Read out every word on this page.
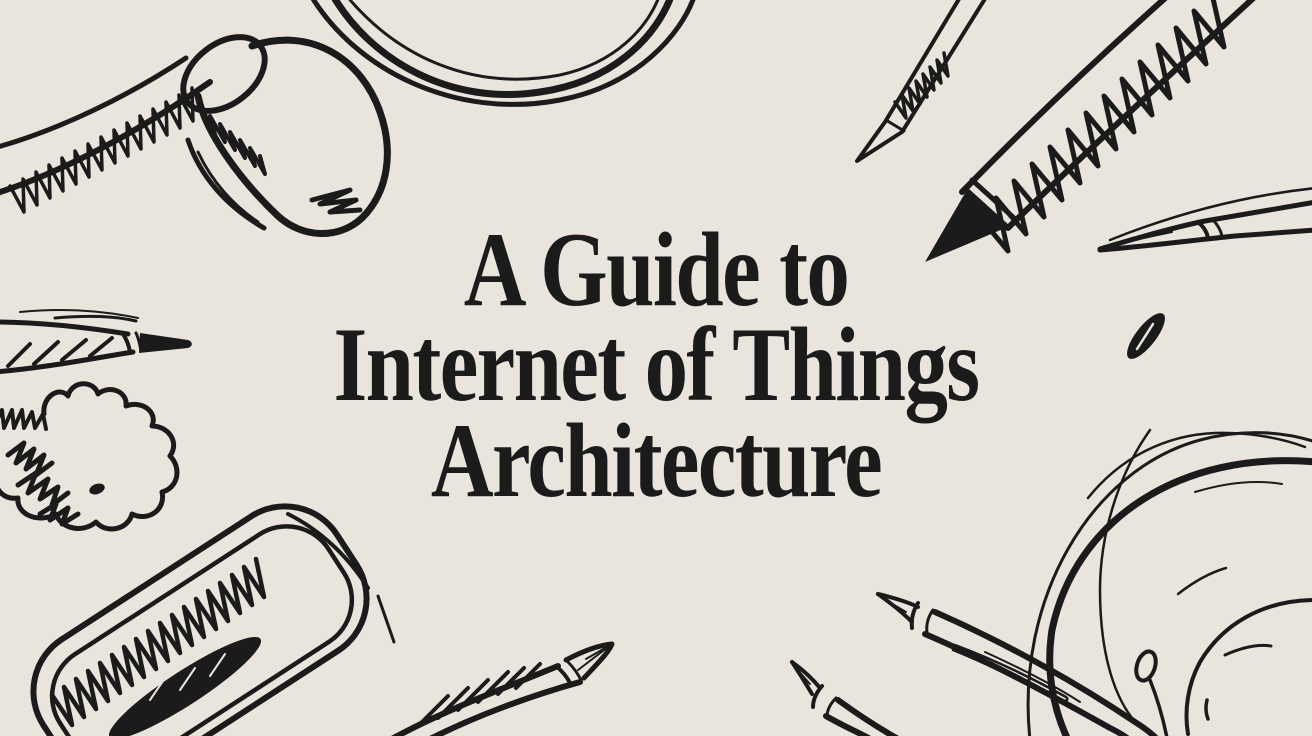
A Guide to
Internet of Things
Architecture
